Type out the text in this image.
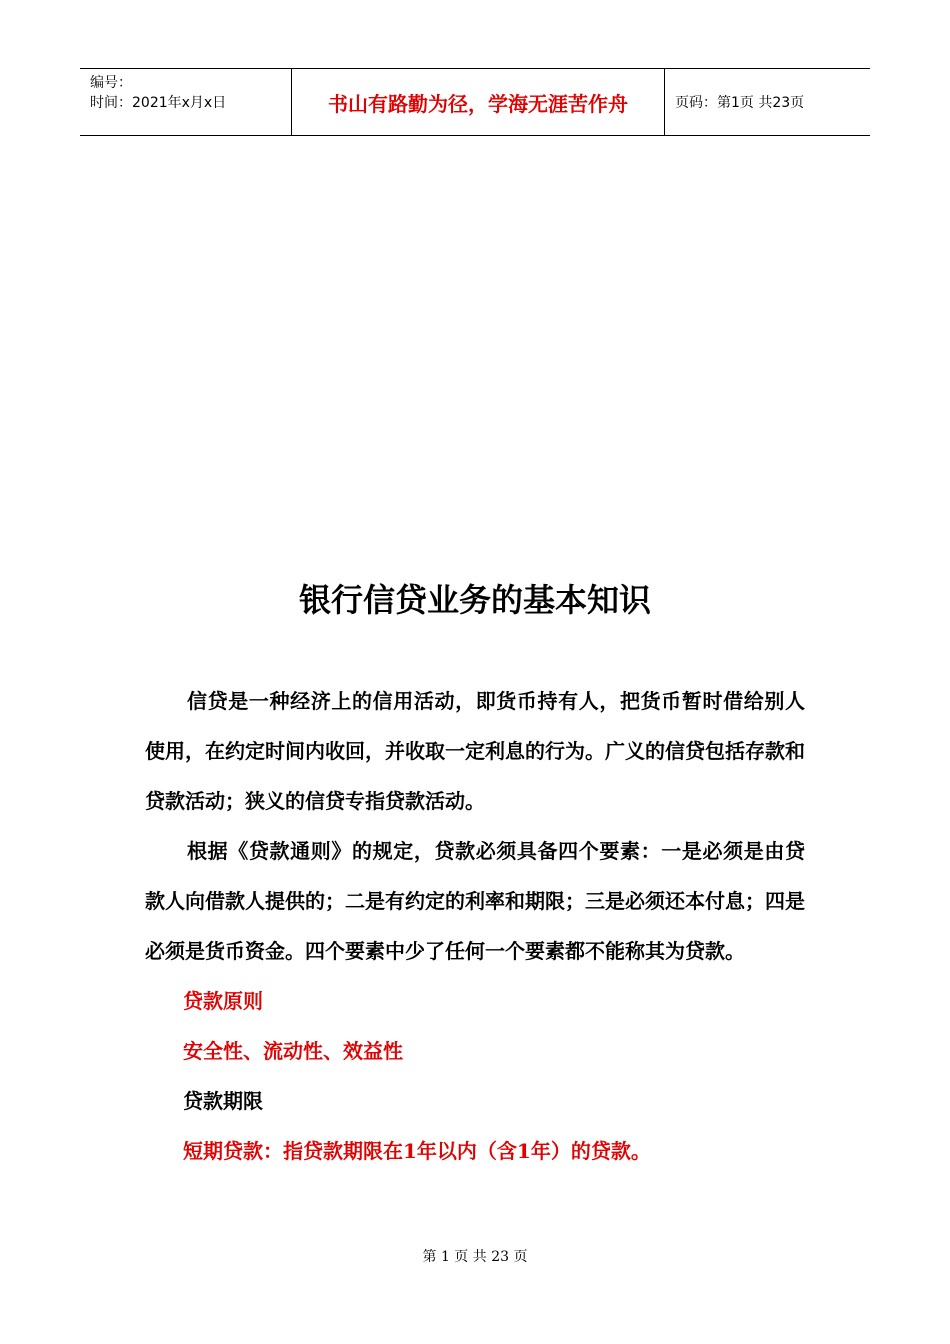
编号：
时间：2021年x月x日	书山有路勤为径，学海无涯苦作舟	页码：第1页 共23页
银行信贷业务的基本知识

信贷是一种经济上的信用活动，即货币持有人，把货币暂时借给别人使用，在约定时间内收回，并收取一定利息的行为。广义的信贷包括存款和贷款活动；狭义的信贷专指贷款活动。

根据《贷款通则》的规定，贷款必须具备四个要素：一是必须是由贷款人向借款人提供的；二是有约定的利率和期限；三是必须还本付息；四是必须是货币资金。四个要素中少了任何一个要素都不能称其为贷款。

贷款原则

安全性、流动性、效益性

贷款期限

短期贷款：指贷款期限在1年以内（含1年）的贷款。

第 1 页 共 23 页
